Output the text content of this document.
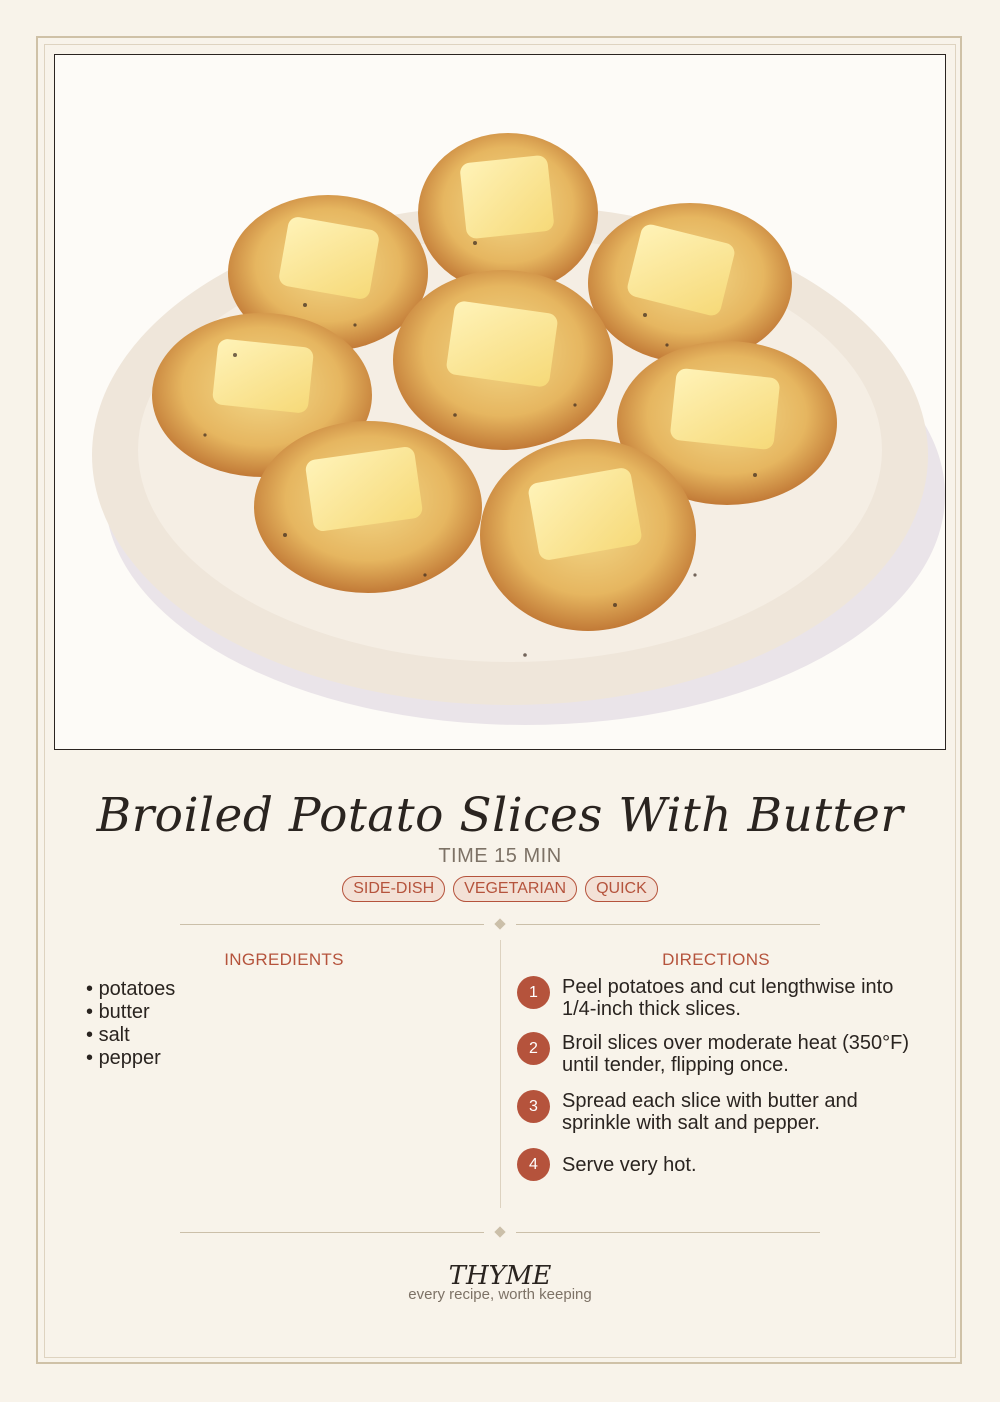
Broiled Potato Slices With Butter
TIME 15 MIN
SIDE-DISH	VEGETARIAN	QUICK
INGREDIENTS
• potatoes
• butter
• salt
• pepper
DIRECTIONS
1	Peel potatoes and cut lengthwise into 1/4-inch thick slices.
2	Broil slices over moderate heat (350°F) until tender, flipping once.
3	Spread each slice with butter and sprinkle with salt and pepper.
4	Serve very hot.
THYME
every recipe, worth keeping
